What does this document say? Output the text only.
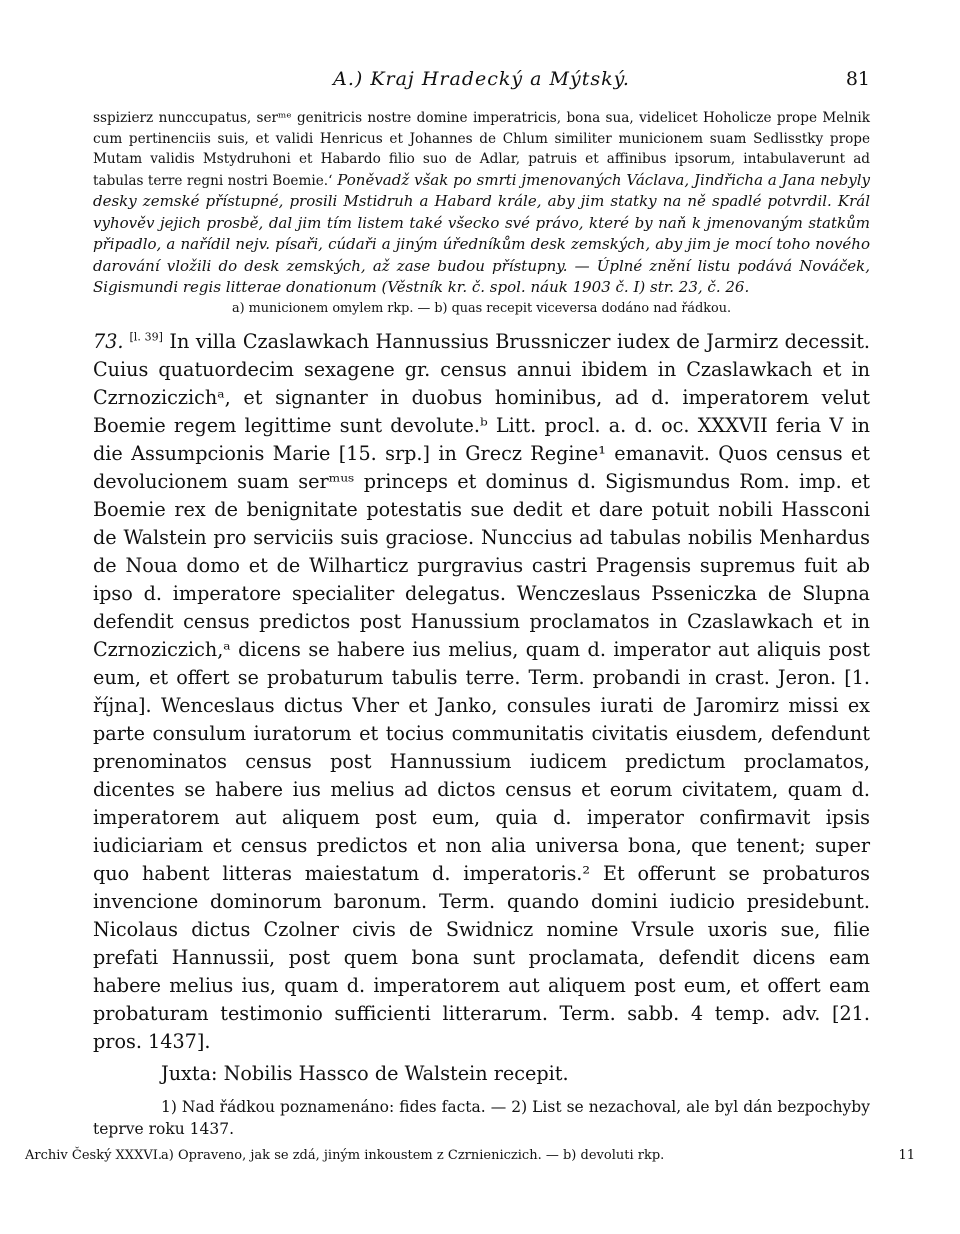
A.) Kraj Hradecký a Mýtský.	81

sspizierz nunccupatus, serᵐᵉ genitricis nostre domine imperatricis, bona sua, videlicet Hoholicze prope Melnik cum pertinenciis suis, et validi Henricus et Johannes de Chlum similiter municionem suam Sedlisstky prope Mutam validis Mstydruhoni et Habardo filio suo de Adlar, patruis et affinibus ipsorum, intabulaverunt ad tabulas terre regni nostri Boemie.‘ Poněvadž však po smrti jmenovaných Václava, Jindřicha a Jana nebyly desky zemské přístupné, prosili Mstidruh a Habard krále, aby jim statky na ně spadlé potvrdil. Král vyhověv jejich prosbě, dal jim tím listem také všecko své právo, které by naň k jmenovaným statkům připadlo, a nařídil nejv. písaři, cúdaři a jiným úředníkům desk zemských, aby jim je mocí toho nového darování vložili do desk zemských, až zase budou přístupny. — Úplné znění listu podává Nováček, Sigismundi regis litterae donationum (Věstník kr. č. spol. náuk 1903 č. I) str. 23, č. 26.

a) municionem omylem rkp. — b) quas recepit viceversa dodáno nad řádkou.

73. [l. 39] In villa Czaslawkach Hannussius Brussniczer iudex de Jarmirz decessit. Cuius quatuordecim sexagene gr. census annui ibidem in Czaslawkach et in Czrnoziczichᵃ, et signanter in duobus hominibus, ad d. imperatorem velut Boemie regem legittime sunt devolute.ᵇ Litt. procl. a. d. oc. XXXVII feria V in die Assumpcionis Marie [15. srp.] in Grecz Regine¹ emanavit. Quos census et devolucionem suam serᵐᵘˢ princeps et dominus d. Sigismundus Rom. imp. et Boemie rex de benignitate potestatis sue dedit et dare potuit nobili Hassconi de Walstein pro serviciis suis graciose. Nunccius ad tabulas nobilis Menhardus de Noua domo et de Wilharticz purgravius castri Pragensis supremus fuit ab ipso d. imperatore specialiter delegatus. Wenczeslaus Psseniczka de Slupna defendit census predictos post Hanussium proclamatos in Czaslawkach et in Czrnoziczich,ᵃ dicens se habere ius melius, quam d. imperator aut aliquis post eum, et offert se probaturum tabulis terre. Term. probandi in crast. Jeron. [1. října]. Wenceslaus dictus Vher et Janko, consules iurati de Jaromirz missi ex parte consulum iuratorum et tocius communitatis civitatis eiusdem, defendunt prenominatos census post Hannussium iudicem predictum proclamatos, dicentes se habere ius melius ad dictos census et eorum civitatem, quam d. imperatorem aut aliquem post eum, quia d. imperator confirmavit ipsis iudiciariam et census predictos et non alia universa bona, que tenent; super quo habent litteras maiestatum d. imperatoris.² Et offerunt se probaturos invencione dominorum baronum. Term. quando domini iudicio presidebunt. Nicolaus dictus Czolner civis de Swidnicz nomine Vrsule uxoris sue, filie prefati Hannussii, post quem bona sunt proclamata, defendit dicens eam habere melius ius, quam d. imperatorem aut aliquem post eum, et offert eam probaturam testimonio sufficienti litterarum. Term. sabb. 4 temp. adv. [21. pros. 1437].

Juxta: Nobilis Hassco de Walstein recepit.

1) Nad řádkou poznamenáno: fides facta. — 2) List se nezachoval, ale byl dán bezpochyby teprve roku 1437.

a) Opraveno, jak se zdá, jiným inkoustem z Czrnieniczich. — b) devoluti rkp.

Archiv Český XXXVI.	11
